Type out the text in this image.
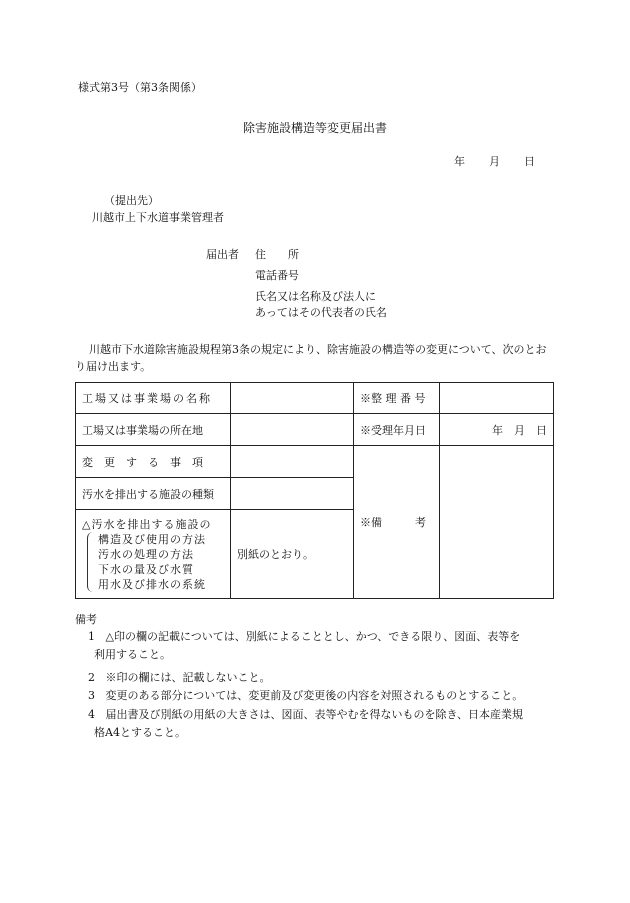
様式第3号（第3条関係）
除害施設構造等変更届出書
年 月 日
（提出先）
川越市上下水道事業管理者
届出者 住　　所
電話番号
氏名又は名称及び法人に
あってはその代表者の氏名
川越市下水道除害施設規程第3条の規定により、除害施設の構造等の変更について、次のとおり届け出ます。
工場又は事業場の名称		※整 理 番 号	
工場又は事業場の所在地		※受理年月日	年　月　日
変　更　す　る　事　項		※備　　　考	
汚水を排出する施設の種類			

△汚水を排出する施設の
構造及び使用の方法
汚水の処理の方法
下水の量及び水質
用水及び排水の系統	別紙のとおり。		
備考
1 △印の欄の記載については、別紙によることとし、かつ、できる限り、図面、表等を
利用すること。
2 ※印の欄には、記載しないこと。
3 変更のある部分については、変更前及び変更後の内容を対照されるものとすること。
4 届出書及び別紙の用紙の大きさは、図面、表等やむを得ないものを除き、日本産業規
格A4とすること。
